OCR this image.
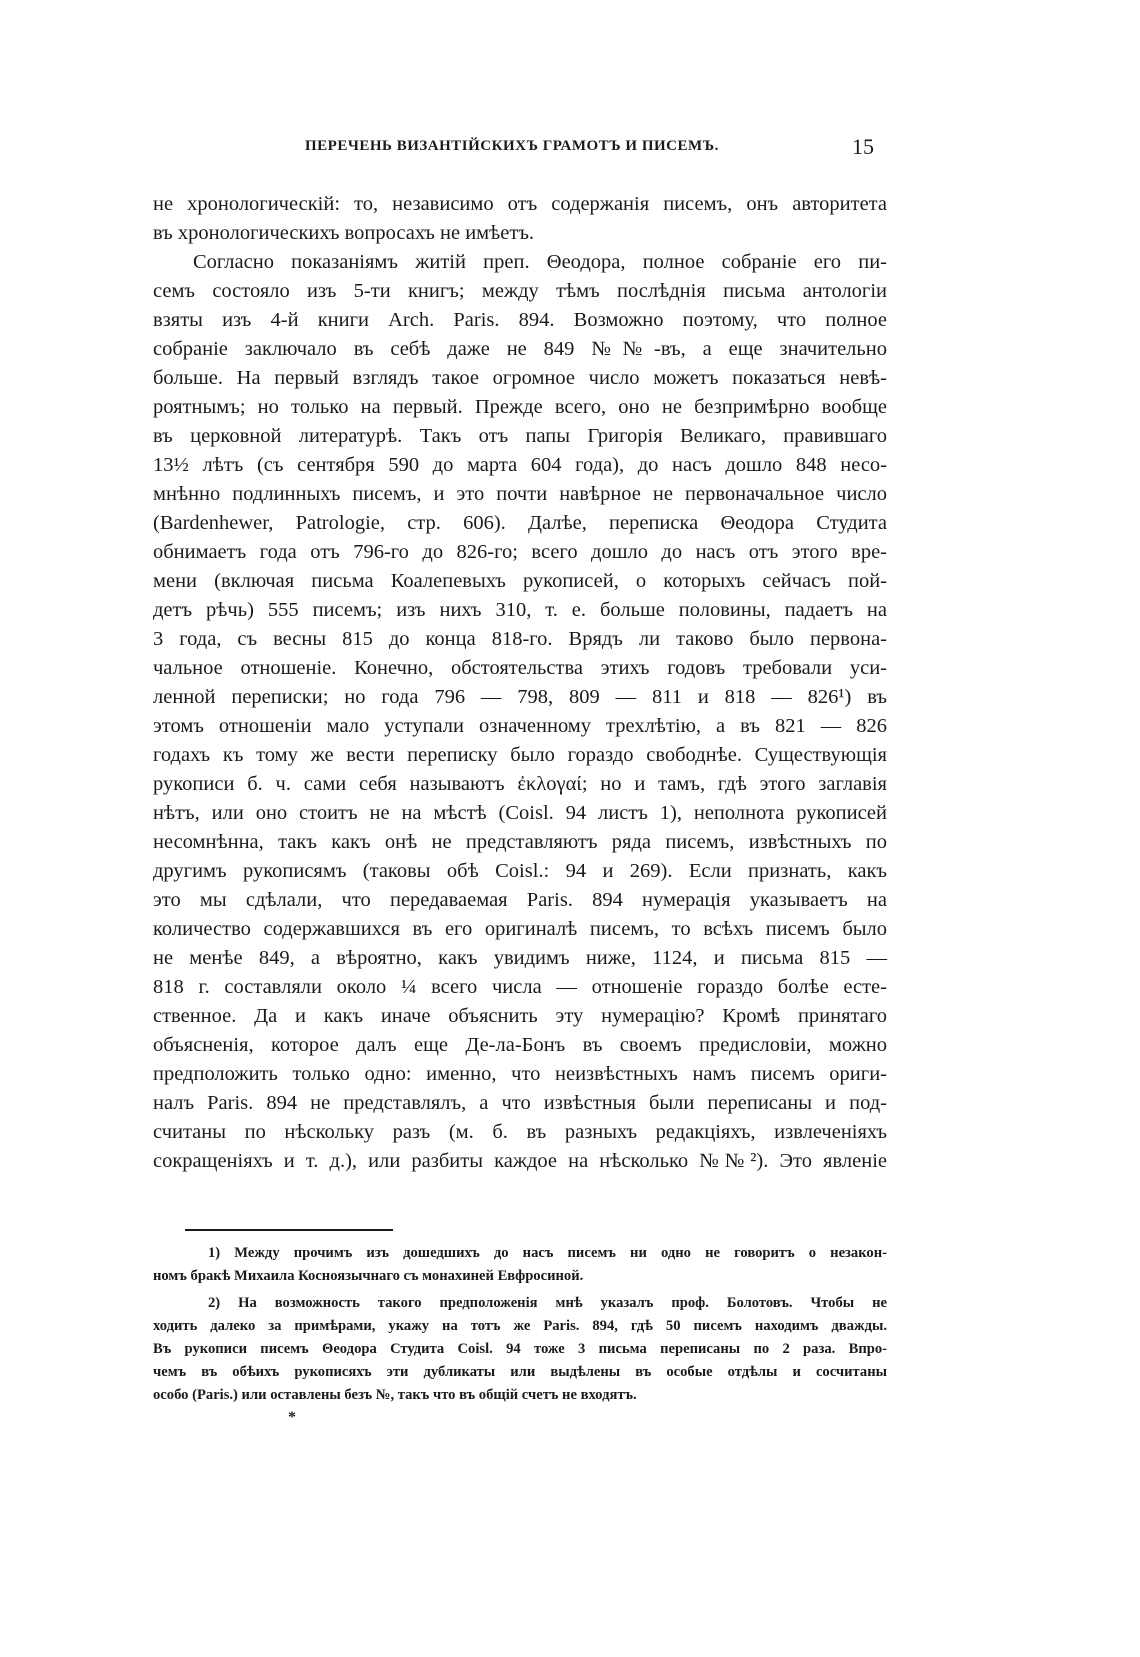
ПЕРЕЧЕНЬ ВИЗАНТІЙСКИХЪ ГРАМОТЪ И ПИСЕМЪ.	15
не хронологическій: то, независимо отъ содержанія писемъ, онъ авторитета
въ хронологическихъ вопросахъ не имѣетъ.
Согласно показаніямъ житій преп. Θеодора, полное собраніе его пи-
семъ состояло изъ 5-ти книгъ; между тѣмъ послѣднія письма антологіи
взяты изъ 4-й книги Arch. Paris. 894. Возможно поэтому, что полное
собраніе заключало въ себѣ даже не 849 №№-въ, а еще значительно
больше. На первый взглядъ такое огромное число можетъ показаться невѣ-
роятнымъ; но только на первый. Прежде всего, оно не безпримѣрно вообще
въ церковной литературѣ. Такъ отъ папы Григорія Великаго, правившаго
13½ лѣтъ (съ сентября 590 до марта 604 года), до насъ дошло 848 несо-
мнѣнно подлинныхъ писемъ, и это почти навѣрное не первоначальное число
(Bardenhewer, Patrologie, стр. 606). Далѣе, переписка Θеодора Студита
обнимаетъ года отъ 796-го до 826-го; всего дошло до насъ отъ этого вре-
мени (включая письма Коалепевыхъ рукописей, о которыхъ сейчасъ пой-
детъ рѣчь) 555 писемъ; изъ нихъ 310, т. е. больше половины, падаетъ на
3 года, съ весны 815 до конца 818-го. Врядъ ли таково было первона-
чальное отношеніе. Конечно, обстоятельства этихъ годовъ требовали уси-
ленной переписки; но года 796 — 798, 809 — 811 и 818 — 826¹) въ
этомъ отношеніи мало уступали означенному трехлѣтію, а въ 821 — 826
годахъ къ тому же вести переписку было гораздо свободнѣе. Существующія
рукописи б. ч. сами себя называютъ ἐκλογαί; но и тамъ, гдѣ этого заглавія
нѣтъ, или оно стоитъ не на мѣстѣ (Coisl. 94 листъ 1), неполнота рукописей
несомнѣнна, такъ какъ онѣ не представляютъ ряда писемъ, извѣстныхъ по
другимъ рукописямъ (таковы обѣ Coisl.: 94 и 269). Если признать, какъ
это мы сдѣлали, что передаваемая Paris. 894 нумерація указываетъ на
количество содержавшихся въ его оригиналѣ писемъ, то всѣхъ писемъ было
не менѣе 849, а вѣроятно, какъ увидимъ ниже, 1124, и письма 815 —
818 г. составляли около ¼ всего числа — отношеніе гораздо болѣе есте-
ственное. Да и какъ иначе объяснить эту нумерацію? Кромѣ принятаго
объясненія, которое далъ еще Де-ла-Бонъ въ своемъ предисловіи, можно
предположить только одно: именно, что неизвѣстныхъ намъ писемъ ориги-
налъ Paris. 894 не представлялъ, а что извѣстныя были переписаны и под-
считаны по нѣскольку разъ (м. б. въ разныхъ редакціяхъ, извлеченіяхъ
сокращеніяхъ и т. д.), или разбиты каждое на нѣсколько №№²). Это явленіе
1) Между прочимъ изъ дошедшихъ до насъ писемъ ни одно не говоритъ о незакон-
номъ бракѣ Михаила Косноязычнаго съ монахиней Евфросиной.
2) На возможность такого предположенія мнѣ указалъ проф. Болотовъ. Чтобы не
ходить далеко за примѣрами, укажу на тотъ же Paris. 894, гдѣ 50 писемъ находимъ дважды.
Въ рукописи писемъ Θеодора Студита Coisl. 94 тоже 3 письма переписаны по 2 раза. Впро-
чемъ въ обѣихъ рукописяхъ эти дубликаты или выдѣлены въ особые отдѣлы и сосчитаны
особо (Paris.) или оставлены безъ №, такъ что въ общій счетъ не входятъ.
*
